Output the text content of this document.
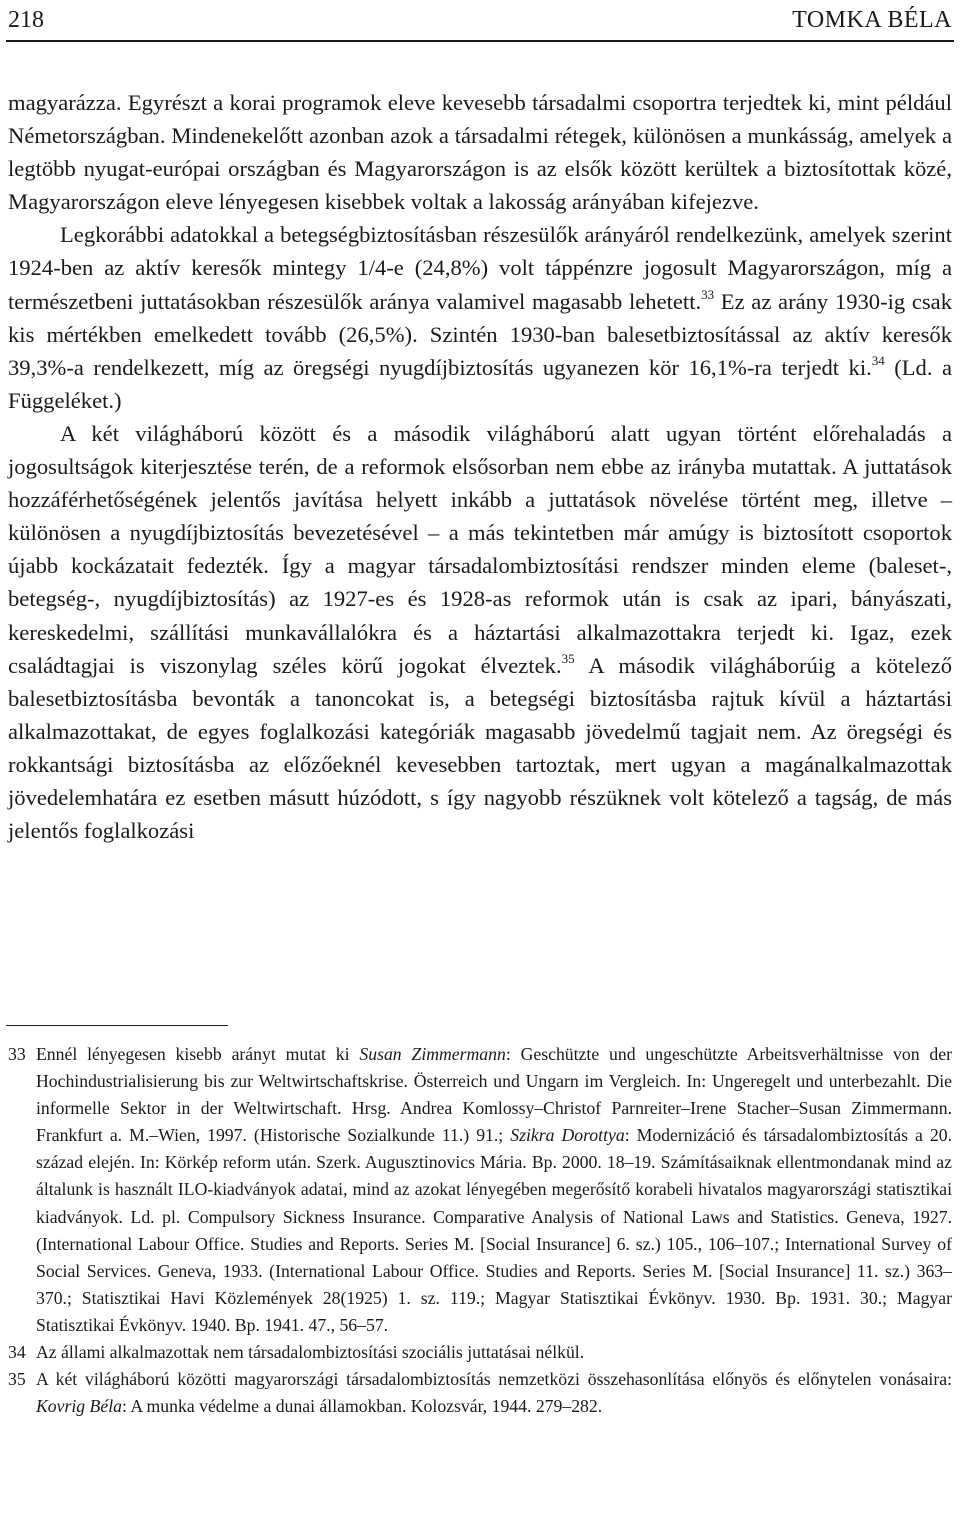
218	TOMKA BÉLA

magyarázza. Egyrészt a korai programok eleve kevesebb társadalmi csoportra terjedtek ki, mint például Németországban. Mindenekelőtt azonban azok a társadalmi rétegek, különösen a munkásság, amelyek a legtöbb nyugat-európai országban és Magyarországon is az elsők között kerültek a biztosítottak közé, Magyarországon eleve lényegesen kisebbek voltak a lakosság arányában kifejezve.

Legkorábbi adatokkal a betegségbiztosításban részesülők arányáról rendelkezünk, amelyek szerint 1924-ben az aktív keresők mintegy 1/4-e (24,8%) volt táppénzre jogosult Magyarországon, míg a természetbeni juttatásokban részesülők aránya valamivel magasabb lehetett.$^{33}$ Ez az arány 1930-ig csak kis mértékben emelkedett tovább (26,5%). Szintén 1930-ban balesetbiztosítással az aktív keresők 39,3%-a rendelkezett, míg az öregségi nyugdíjbiztosítás ugyanezen kör 16,1%-ra terjedt ki.$^{34}$ (Ld. a Függeléket.)

A két világháború között és a második világháború alatt ugyan történt előrehaladás a jogosultságok kiterjesztése terén, de a reformok elsősorban nem ebbe az irányba mutattak. A juttatások hozzáférhetőségének jelentős javítása helyett inkább a juttatások növelése történt meg, illetve – különösen a nyugdíjbiztosítás bevezetésével – a más tekintetben már amúgy is biztosított csoportok újabb kockázatait fedezték. Így a magyar társadalombiztosítási rendszer minden eleme (baleset-, betegség-, nyugdíjbiztosítás) az 1927-es és 1928-as reformok után is csak az ipari, bányászati, kereskedelmi, szállítási munkavállalókra és a háztartási alkalmazottakra terjedt ki. Igaz, ezek családtagjai is viszonylag széles körű jogokat élveztek.$^{35}$ A második világháborúig a kötelező balesetbiztosításba bevonták a tanoncokat is, a betegségi biztosításba rajtuk kívül a háztartási alkalmazottakat, de egyes foglalkozási kategóriák magasabb jövedelmű tagjait nem. Az öregségi és rokkantsági biztosításba az előzőeknél kevesebben tartoztak, mert ugyan a magánalkalmazottak jövedelemhatára ez esetben másutt húzódott, s így nagyobb részüknek volt kötelező a tagság, de más jelentős foglalkozási

33 Ennél lényegesen kisebb arányt mutat ki Susan Zimmermann: Geschützte und ungeschützte Arbeitsverhältnisse von der Hochindustrialisierung bis zur Weltwirtschaftskrise. Österreich und Ungarn im Vergleich. In: Ungeregelt und unterbezahlt. Die informelle Sektor in der Weltwirtschaft. Hrsg. Andrea Komlossy–Christof Parnreiter–Irene Stacher–Susan Zimmermann. Frankfurt a. M.–Wien, 1997. (Historische Sozialkunde 11.) 91.; Szikra Dorottya: Modernizáció és társadalombiztosítás a 20. század elején. In: Körkép reform után. Szerk. Augusztinovics Mária. Bp. 2000. 18–19. Számításaiknak ellentmondanak mind az általunk is használt ILO-kiadványok adatai, mind az azokat lényegében megerősítő korabeli hivatalos magyarországi statisztikai kiadványok. Ld. pl. Compulsory Sickness Insurance. Comparative Analysis of National Laws and Statistics. Geneva, 1927. (International Labour Office. Studies and Reports. Series M. [Social Insurance] 6. sz.) 105., 106–107.; International Survey of Social Services. Geneva, 1933. (International Labour Office. Studies and Reports. Series M. [Social Insurance] 11. sz.) 363–370.; Statisztikai Havi Közlemények 28(1925) 1. sz. 119.; Magyar Statisztikai Évkönyv. 1930. Bp. 1931. 30.; Magyar Statisztikai Évkönyv. 1940. Bp. 1941. 47., 56–57.
34 Az állami alkalmazottak nem társadalombiztosítási szociális juttatásai nélkül.
35 A két világháború közötti magyarországi társadalombiztosítás nemzetközi összehasonlítása előnyös és előnytelen vonásaira: Kovrig Béla: A munka védelme a dunai államokban. Kolozsvár, 1944. 279–282.
